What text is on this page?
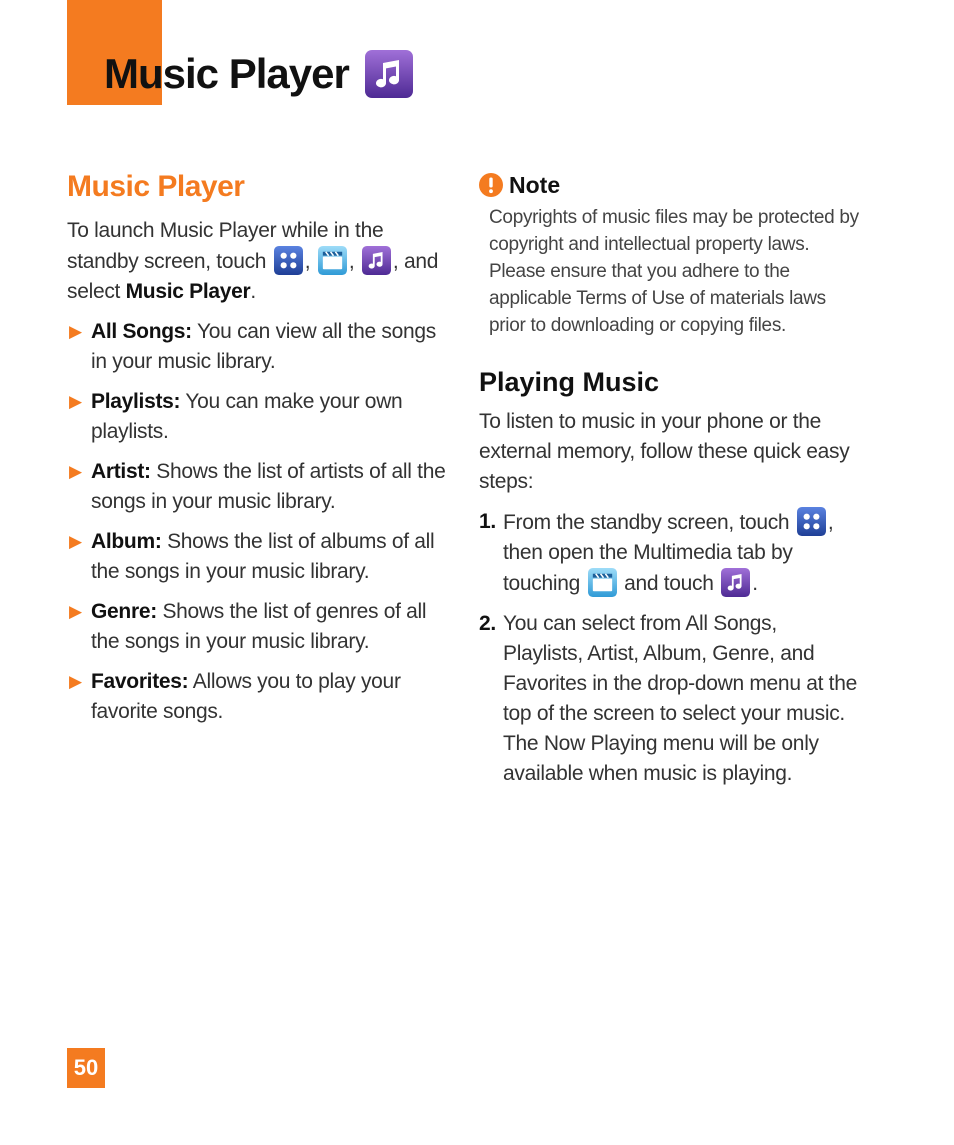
Music Player
Music Player

To launch Music Player while in the standby screen, touch , , , and select Music Player.

▶ All Songs: You can view all the songs in your music library.
▶ Playlists: You can make your own playlists.
▶ Artist: Shows the list of artists of all the songs in your music library.
▶ Album: Shows the list of albums of all the songs in your music library.
▶ Genre: Shows the list of genres of all the songs in your music library.
▶ Favorites: Allows you to play your favorite songs.
Note

Copyrights of music files may be protected by copyright and intellectual property laws. Please ensure that you adhere to the applicable Terms of Use of materials laws prior to downloading or copying files.

Playing Music

To listen to music in your phone or the external memory, follow these quick easy steps:

1. From the standby screen, touch , then open the Multimedia tab by touching and touch .
2. You can select from All Songs, Playlists, Artist, Album, Genre, and Favorites in the drop-down menu at the top of the screen to select your music. The Now Playing menu will be only available when music is playing.
50
